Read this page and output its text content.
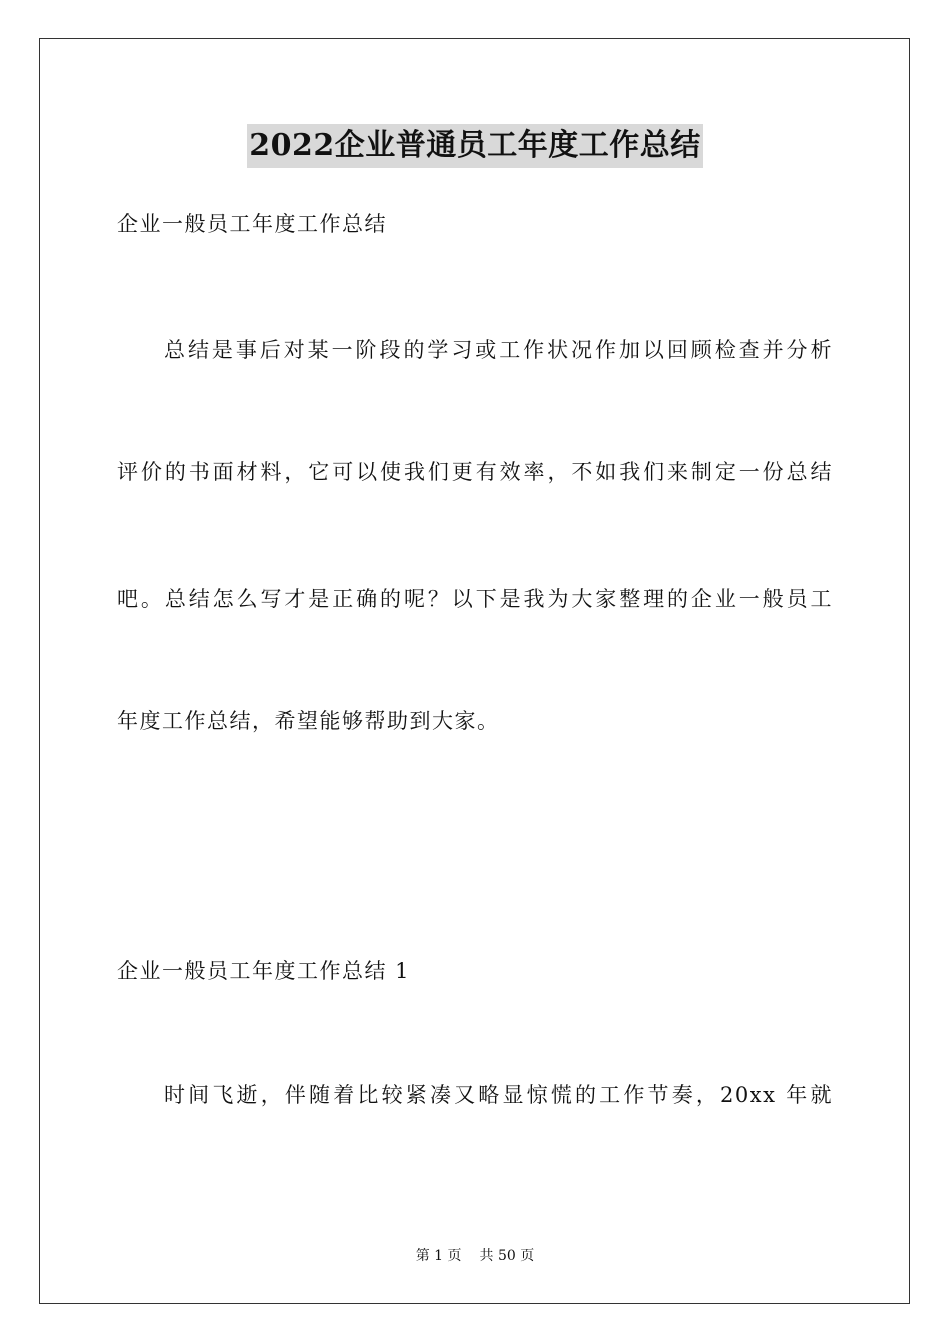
2022企业普通员工年度工作总结
企业一般员工年度工作总结
总结是事后对某一阶段的学习或工作状况作加以回顾检查并分析
评价的书面材料，它可以使我们更有效率，不如我们来制定一份总结
吧。总结怎么写才是正确的呢？以下是我为大家整理的企业一般员工
年度工作总结，希望能够帮助到大家。
企业一般员工年度工作总结 1
时间飞逝，伴随着比较紧凑又略显惊慌的工作节奏，20xx 年就
第 1 页 共 50 页
